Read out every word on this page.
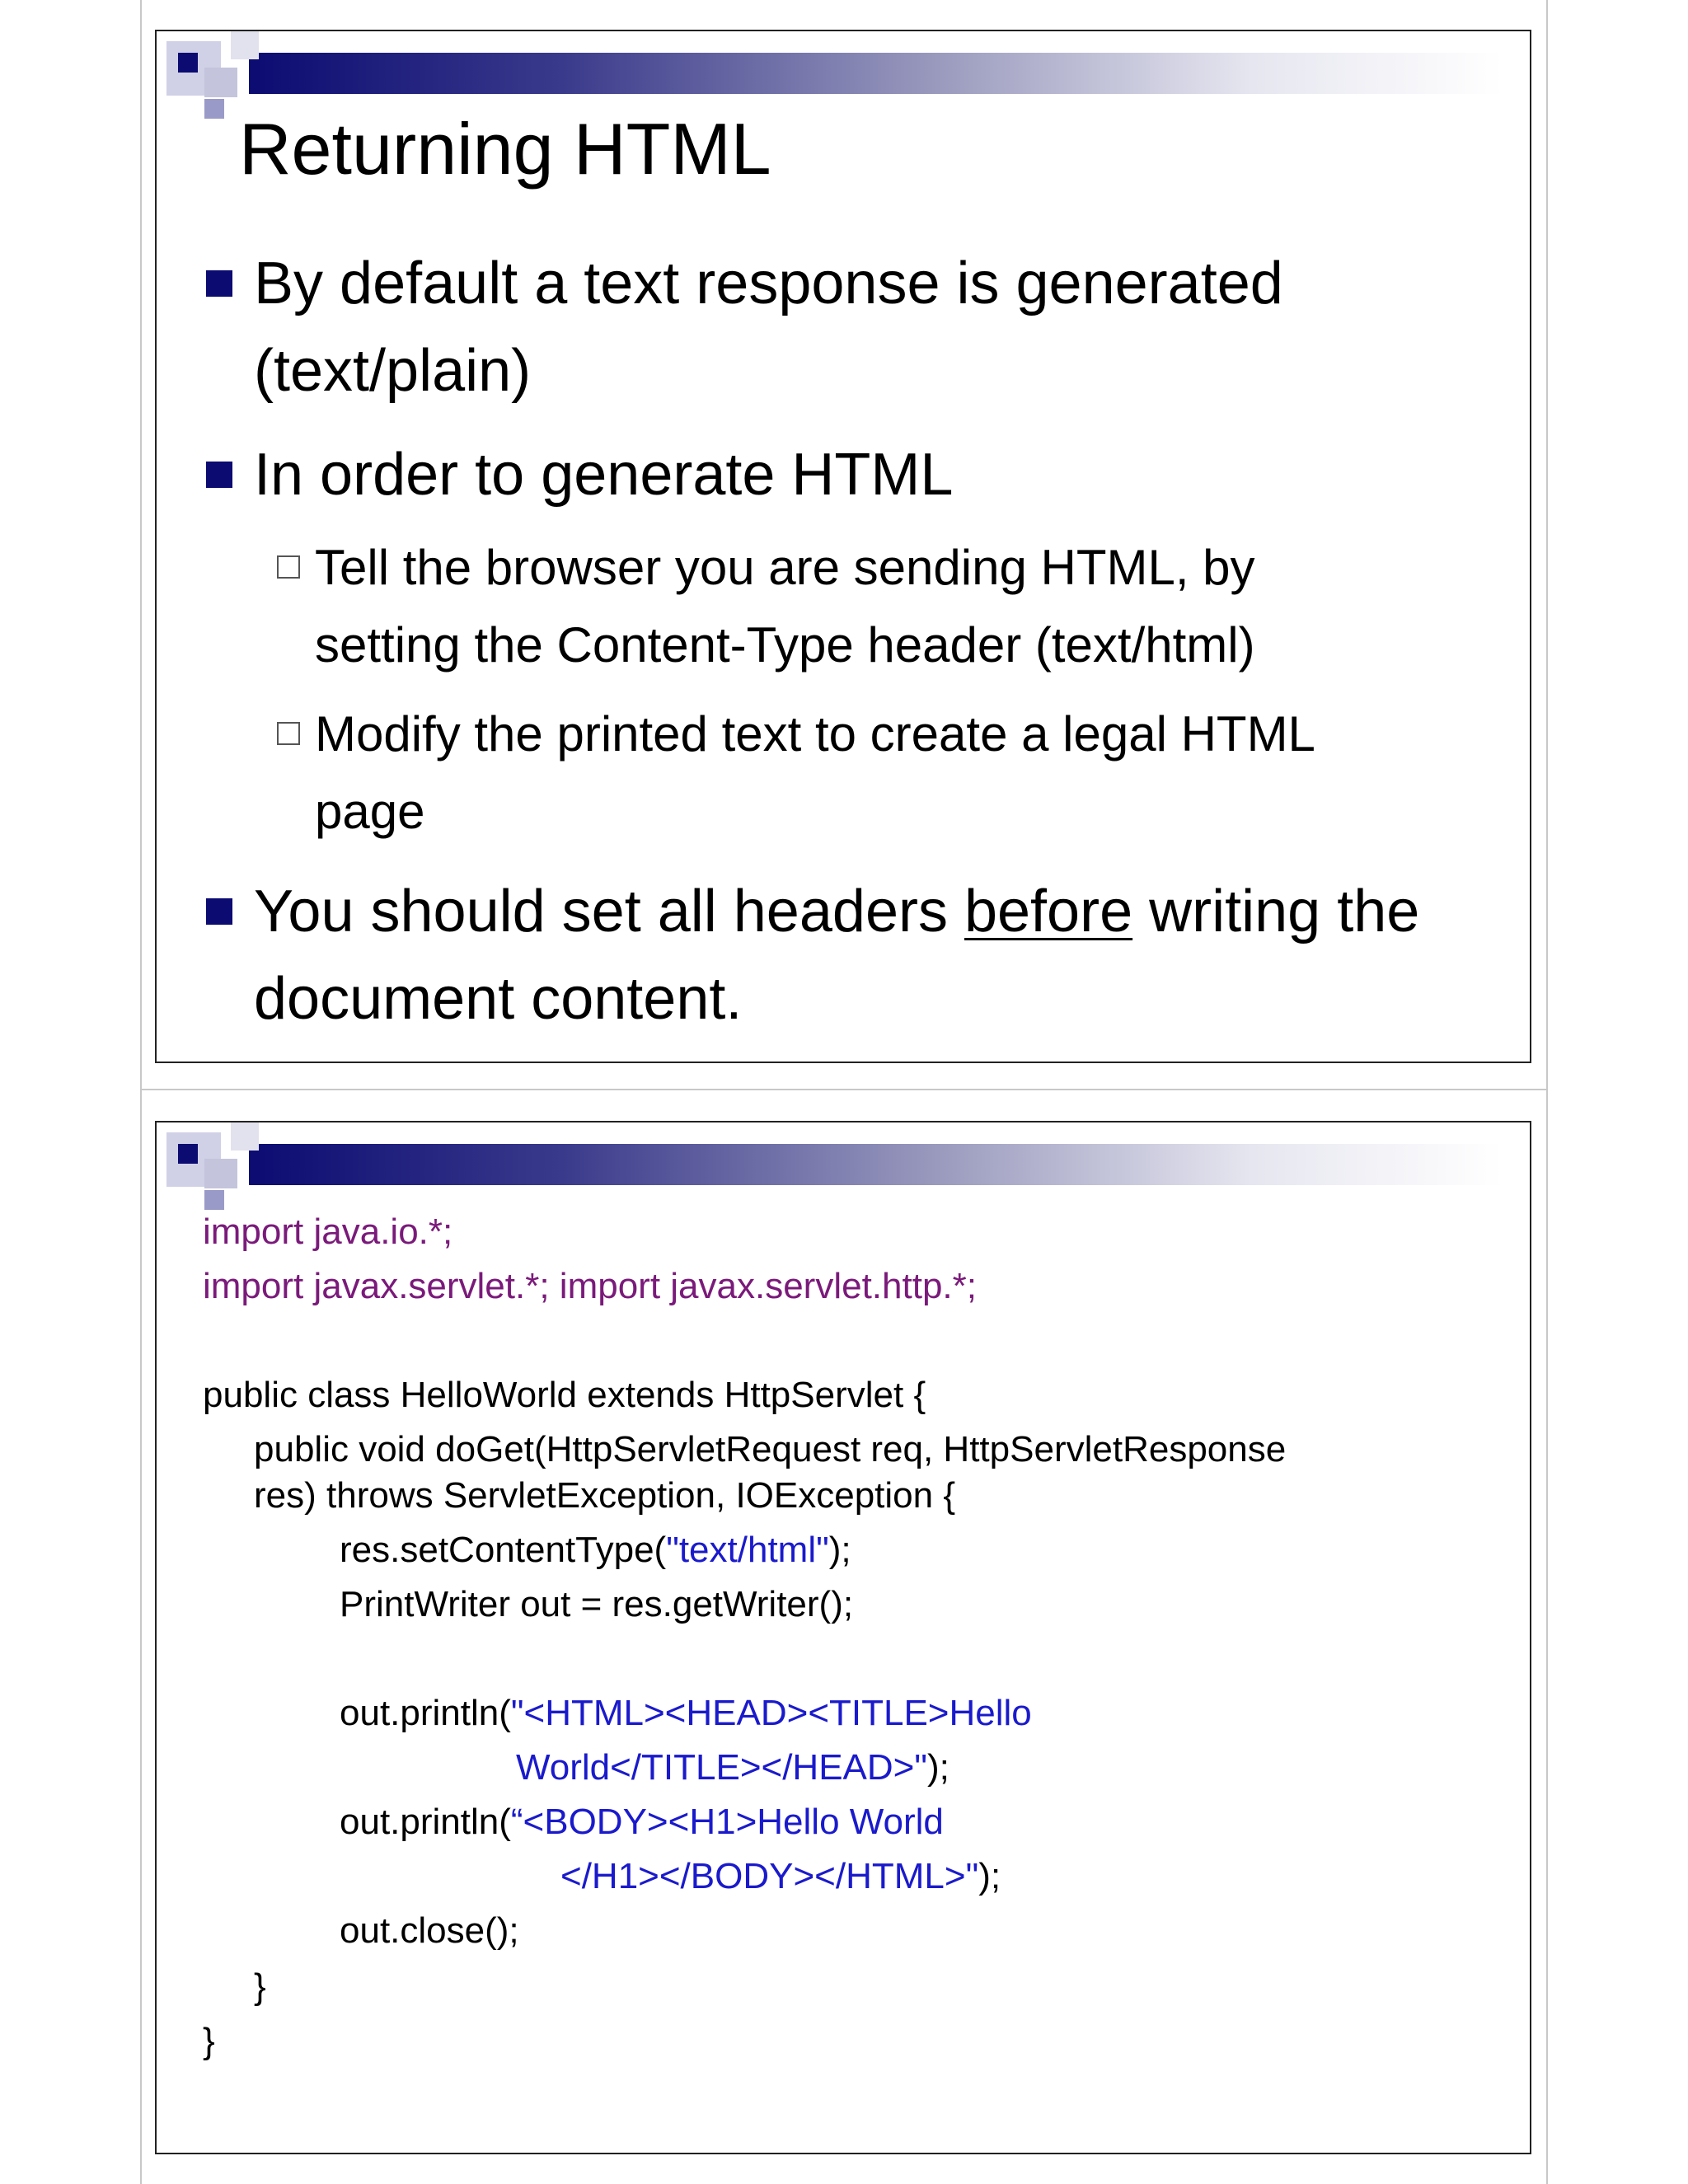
Returning HTML
By default a text response is generated
(text/plain)
In order to generate HTML
Tell the browser you are sending HTML, by
setting the Content-Type header (text/html)
Modify the printed text to create a legal HTML
page
You should set all headers before writing the
document content.
import java.io.*;
import javax.servlet.*; import javax.servlet.http.*;
public class HelloWorld extends HttpServlet {
public void doGet(HttpServletRequest req, HttpServletResponse
res) throws ServletException, IOException {
res.setContentType("text/html");
PrintWriter out = res.getWriter();
out.println("<HTML><HEAD><TITLE>Hello
World</TITLE></HEAD>");
out.println(“<BODY><H1>Hello World
</H1></BODY></HTML>");
out.close();
}
}
